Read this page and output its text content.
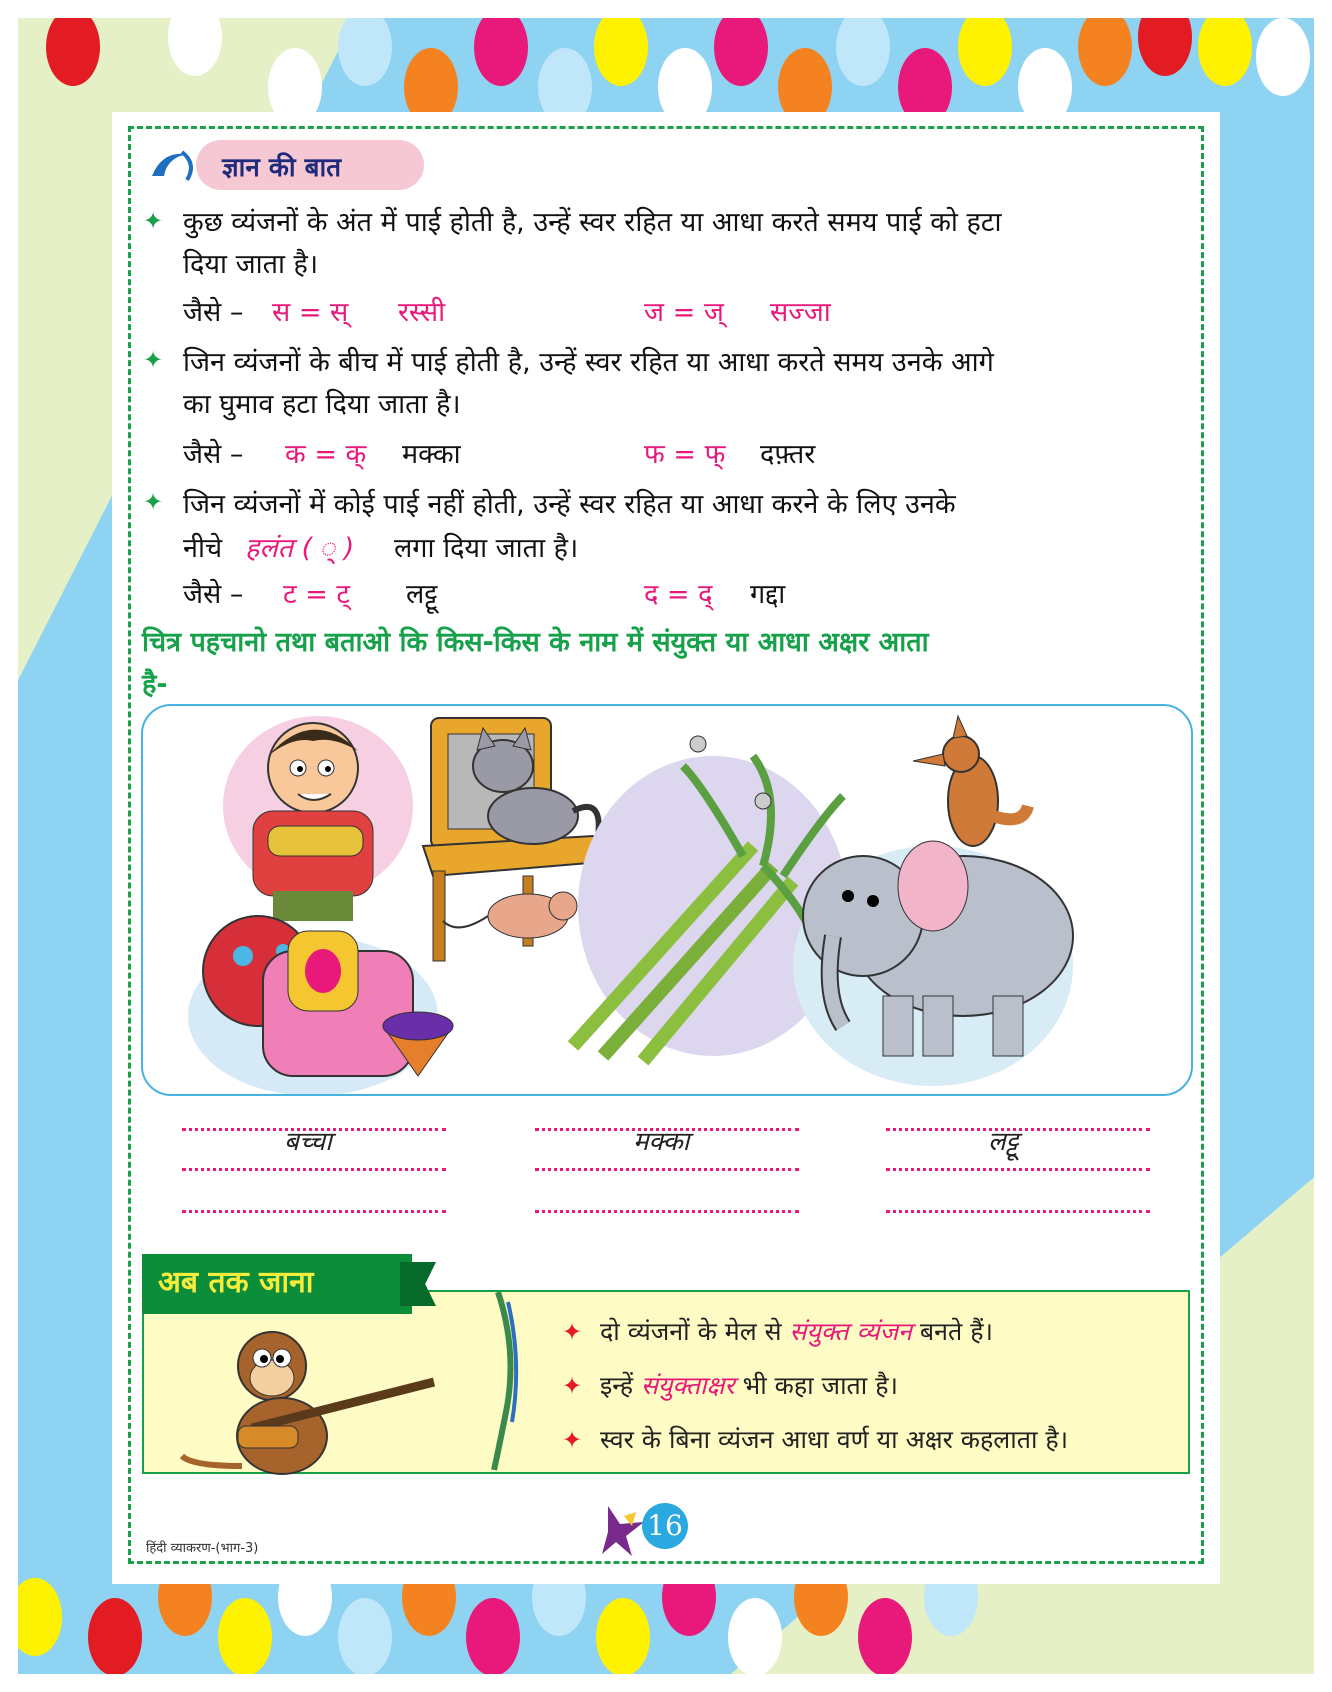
ज्ञान की बात
✦ कुछ व्यंजनों के अंत में पाई होती है, उन्हें स्वर रहित या आधा करते समय पाई को हटा
दिया जाता है।
जैसे – स = स् रस्सी	ज = ज् सज्जा
✦ जिन व्यंजनों के बीच में पाई होती है, उन्हें स्वर रहित या आधा करते समय उनके आगे
का घुमाव हटा दिया जाता है।
जैसे – क = क् मक्का	फ = फ् दफ़्तर
✦ जिन व्यंजनों में कोई पाई नहीं होती, उन्हें स्वर रहित या आधा करने के लिए उनके
नीचे हलंत ( ् ) लगा दिया जाता है।
जैसे – ट = ट् लट्टू	द = द् गद्दा
चित्र पहचानो तथा बताओ कि किस-किस के नाम में संयुक्त या आधा अक्षर आता
है-
बच्चा	मक्का	लट्टू
अब तक जाना
✦ दो व्यंजनों के मेल से संयुक्त व्यंजन बनते हैं।
✦ इन्हें संयुक्ताक्षर भी कहा जाता है।
✦ स्वर के बिना व्यंजन आधा वर्ण या अक्षर कहलाता है।
16
हिंदी व्याकरण-(भाग-3)
